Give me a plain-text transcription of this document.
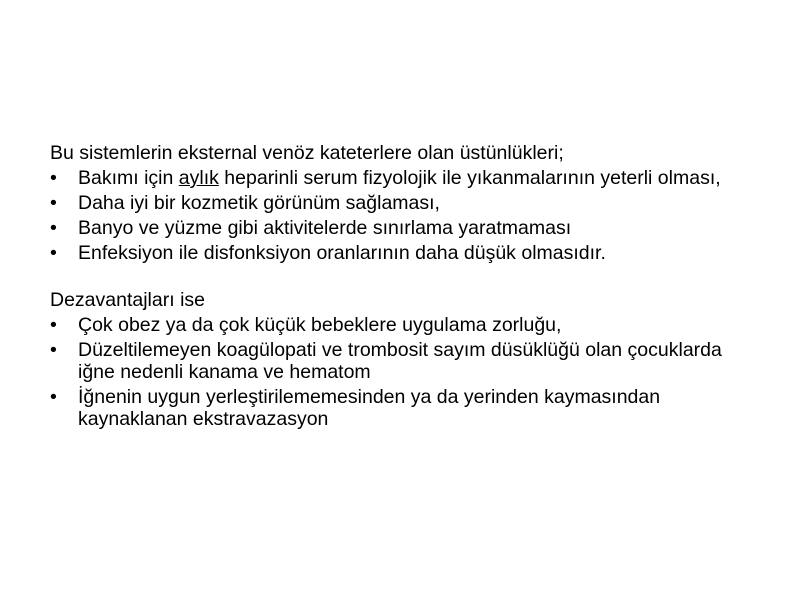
Bu sistemlerin eksternal venöz kateterlere olan üstünlükleri;
•	Bakımı için aylık heparinli serum fizyolojik ile yıkanmalarının yeterli olması,
•	Daha iyi bir kozmetik görünüm sağlaması,
•	Banyo ve yüzme gibi aktivitelerde sınırlama yaratmaması
•	Enfeksiyon ile disfonksiyon oranlarının daha düşük olmasıdır.
Dezavantajları ise
•	Çok obez ya da çok küçük bebeklere uygulama zorluğu,
•	Düzeltilemeyen koagülopati ve trombosit sayım düsüklüğü olan çocuklarda iğne nedenli kanama ve hematom
•	İğnenin uygun yerleştirilememesinden ya da yerinden kaymasından kaynaklanan ekstravazasyon
